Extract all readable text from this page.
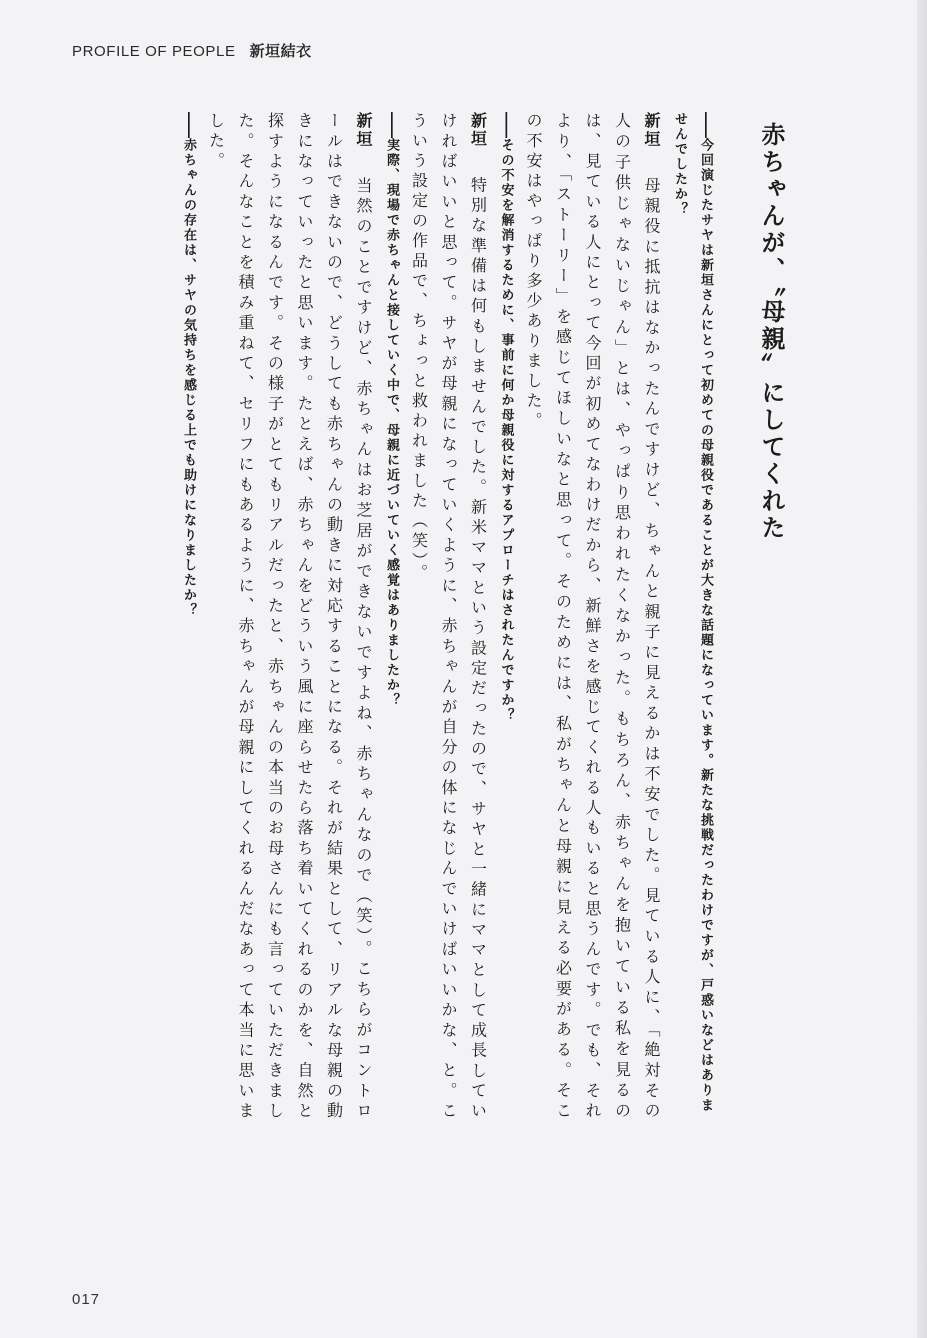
PROFILE OF PEOPLE 新垣結衣
赤ちゃんが、〝母親〟にしてくれた

――今回演じたサヤは新垣さんにとって初めての母親役であることが大きな話題になっています。新たな挑戦だったわけですが、戸惑いなどはありませんでしたか？

新垣母親役に抵抗はなかったんですけど、ちゃんと親子に見えるかは不安でした。見ている人に、「絶対その人の子供じゃないじゃん」とは、やっぱり思われたくなかった。もちろん、赤ちゃんを抱いている私を見るのは、見ている人にとって今回が初めてなわけだから、新鮮さを感じてくれる人もいると思うんです。でも、それより、「ストーリー」を感じてほしいなと思って。そのためには、私がちゃんと母親に見える必要がある。そこの不安はやっぱり多少ありました。

――その不安を解消するために、事前に何か母親役に対するアプローチはされたんですか？

新垣特別な準備は何もしませんでした。新米ママという設定だったので、サヤと一緒にママとして成長していければいいと思って。サヤが母親になっていくように、赤ちゃんが自分の体になじんでいけばいいかな、と。こういう設定の作品で、ちょっと救われました（笑）。

――実際、現場で赤ちゃんと接していく中で、母親に近づいていく感覚はありましたか？

新垣当然のことですけど、赤ちゃんはお芝居ができないですよね、赤ちゃんなので（笑）。こちらがコントロールはできないので、どうしても赤ちゃんの動きに対応することになる。それが結果として、リアルな母親の動きになっていったと思います。たとえば、赤ちゃんをどういう風に座らせたら落ち着いてくれるのかを、自然と探すようになるんです。その様子がとてもリアルだったと、赤ちゃんの本当のお母さんにも言っていただきました。そんなことを積み重ねて、セリフにもあるように、赤ちゃんが母親にしてくれるんだなあって本当に思いました。

――赤ちゃんの存在は、サヤの気持ちを感じる上でも助けになりましたか？

017
